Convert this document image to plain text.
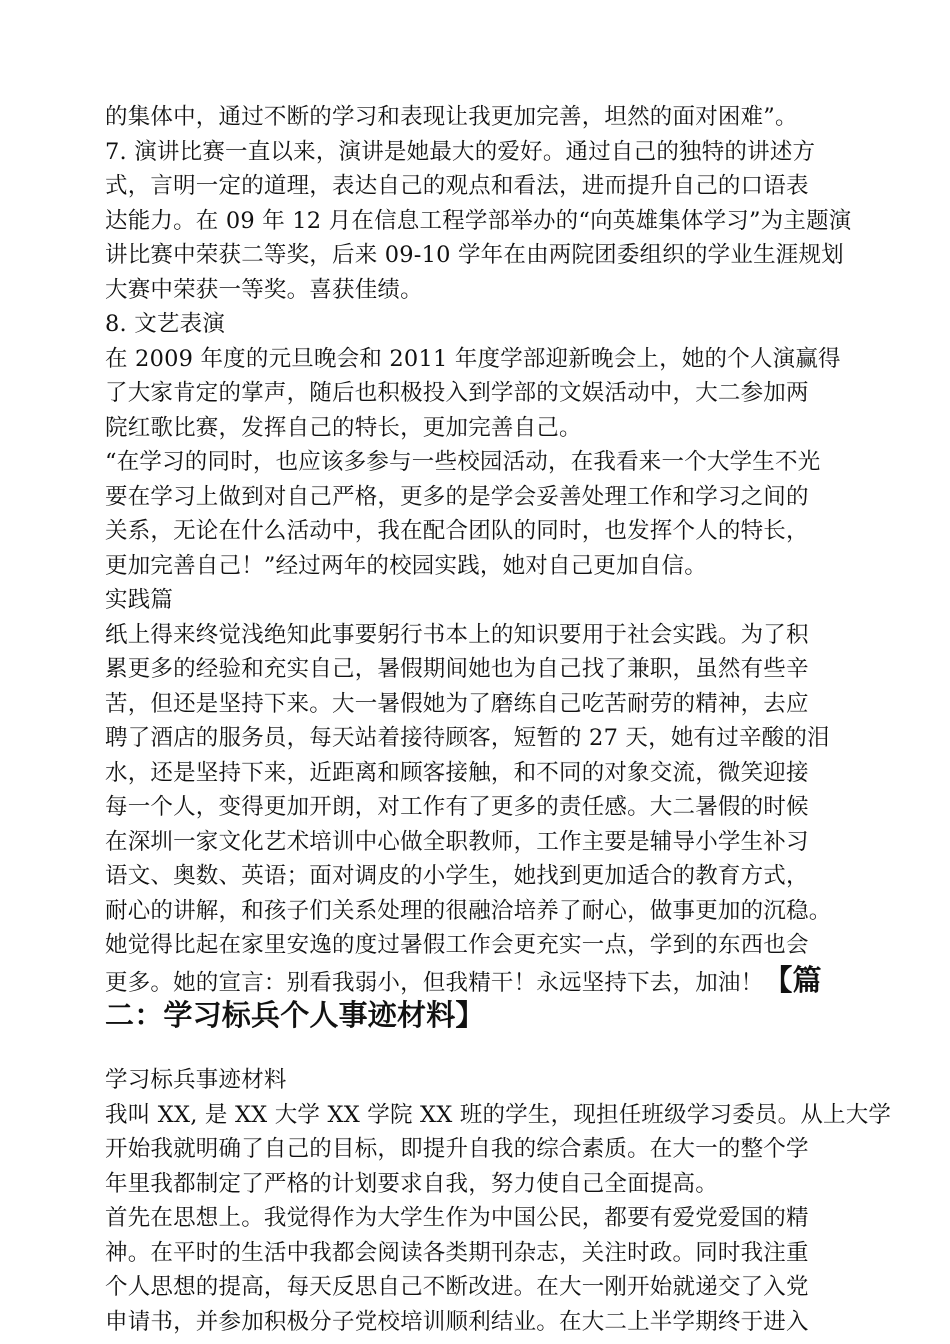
的集体中，通过不断的学习和表现让我更加完善，坦然的面对困难”。
7. 演讲比赛一直以来，演讲是她最大的爱好。通过自己的独特的讲述方
式，言明一定的道理，表达自己的观点和看法，进而提升自己的口语表
达能力。在 09 年 12 月在信息工程学部举办的“向英雄集体学习”为主题演
讲比赛中荣获二等奖，后来 09-10 学年在由两院团委组织的学业生涯规划
大赛中荣获一等奖。喜获佳绩。
8. 文艺表演
在 2009 年度的元旦晚会和 2011 年度学部迎新晚会上，她的个人演赢得
了大家肯定的掌声，随后也积极投入到学部的文娱活动中，大二参加两
院红歌比赛，发挥自己的特长，更加完善自己。
“在学习的同时，也应该多参与一些校园活动，在我看来一个大学生不光
要在学习上做到对自己严格，更多的是学会妥善处理工作和学习之间的
关系，无论在什么活动中，我在配合团队的同时，也发挥个人的特长，
更加完善自己！”经过两年的校园实践，她对自己更加自信。
实践篇
纸上得来终觉浅绝知此事要躬行书本上的知识要用于社会实践。为了积
累更多的经验和充实自己，暑假期间她也为自己找了兼职，虽然有些辛
苦，但还是坚持下来。大一暑假她为了磨练自己吃苦耐劳的精神，去应
聘了酒店的服务员，每天站着接待顾客，短暂的 27 天，她有过辛酸的泪
水，还是坚持下来，近距离和顾客接触，和不同的对象交流，微笑迎接
每一个人，变得更加开朗，对工作有了更多的责任感。大二暑假的时候
在深圳一家文化艺术培训中心做全职教师，工作主要是辅导小学生补习
语文、奥数、英语；面对调皮的小学生，她找到更加适合的教育方式，
耐心的讲解，和孩子们关系处理的很融洽培养了耐心，做事更加的沉稳。
她觉得比起在家里安逸的度过暑假工作会更充实一点，学到的东西也会
更多。她的宣言：别看我弱小，但我精干！永远坚持下去，加油！【篇
二：学习标兵个人事迹材料】
学习标兵事迹材料
我叫 XX, 是 XX 大学 XX 学院 XX 班的学生，现担任班级学习委员。从上大学
开始我就明确了自己的目标，即提升自我的综合素质。在大一的整个学
年里我都制定了严格的计划要求自我，努力使自己全面提高。
首先在思想上。我觉得作为大学生作为中国公民，都要有爱党爱国的精
神。在平时的生活中我都会阅读各类期刊杂志，关注时政。同时我注重
个人思想的提高，每天反思自己不断改进。在大一刚开始就递交了入党
申请书，并参加积极分子党校培训顺利结业。在大二上半学期终于进入
